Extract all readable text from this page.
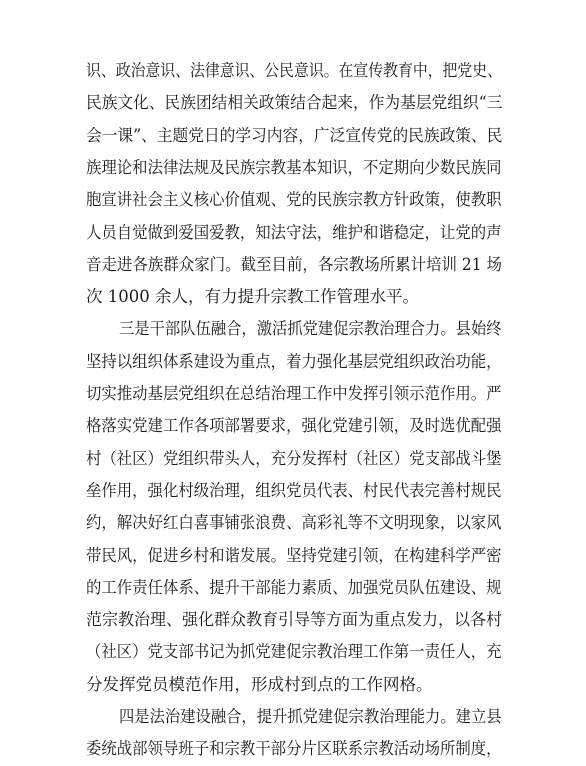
识、政治意识、法律意识、公民意识。在宣传教育中，把党史、
民族文化、民族团结相关政策结合起来，作为基层党组织“三
会一课”、主题党日的学习内容，广泛宣传党的民族政策、民
族理论和法律法规及民族宗教基本知识，不定期向少数民族同
胞宣讲社会主义核心价值观、党的民族宗教方针政策，使教职
人员自觉做到爱国爱教，知法守法，维护和谐稳定，让党的声
音走进各族群众家门。截至目前，各宗教场所累计培训 21 场
次 1000 余人，有力提升宗教工作管理水平。
三是干部队伍融合，激活抓党建促宗教治理合力。县始终
坚持以组织体系建设为重点，着力强化基层党组织政治功能，
切实推动基层党组织在总结治理工作中发挥引领示范作用。严
格落实党建工作各项部署要求，强化党建引领，及时选优配强
村（社区）党组织带头人，充分发挥村（社区）党支部战斗堡
垒作用，强化村级治理，组织党员代表、村民代表完善村规民
约，解决好红白喜事铺张浪费、高彩礼等不文明现象，以家风
带民风，促进乡村和谐发展。坚持党建引领，在构建科学严密
的工作责任体系、提升干部能力素质、加强党员队伍建设、规
范宗教治理、强化群众教育引导等方面为重点发力，以各村
（社区）党支部书记为抓党建促宗教治理工作第一责任人，充
分发挥党员模范作用，形成村到点的工作网格。
四是法治建设融合，提升抓党建促宗教治理能力。建立县
委统战部领导班子和宗教干部分片区联系宗教活动场所制度，
